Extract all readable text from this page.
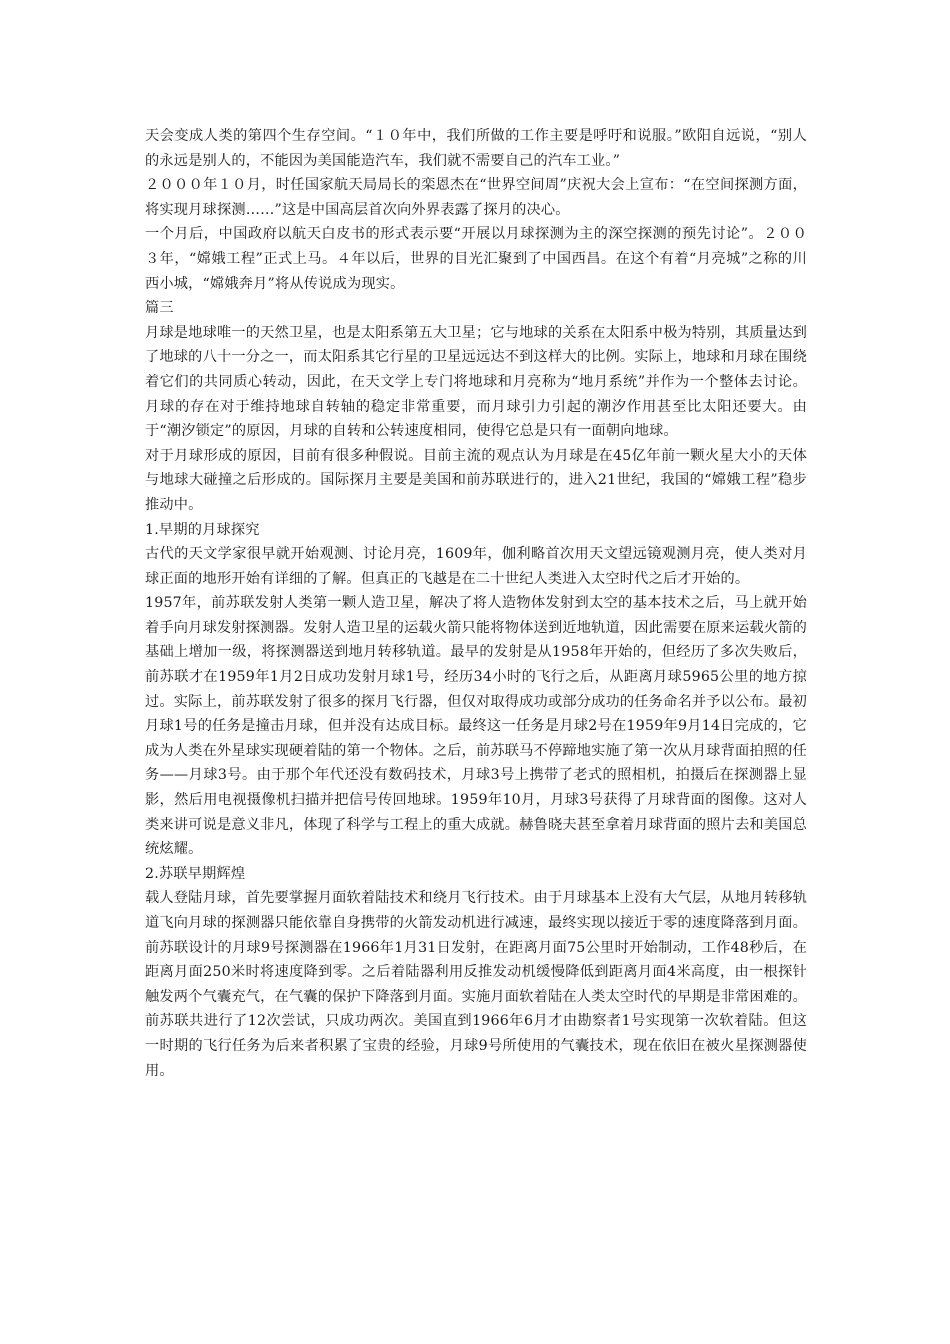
天会变成人类的第四个生存空间。“１０年中，我们所做的工作主要是呼吁和说服。”欧阳自远说，“别人的永远是别人的，不能因为美国能造汽车，我们就不需要自己的汽车工业。”

２０００年１０月，时任国家航天局局长的栾恩杰在“世界空间周”庆祝大会上宣布：“在空间探测方面，将实现月球探测……”这是中国高层首次向外界表露了探月的决心。

一个月后，中国政府以航天白皮书的形式表示要“开展以月球探测为主的深空探测的预先讨论”。２００３年，“嫦娥工程”正式上马。４年以后，世界的目光汇聚到了中国西昌。在这个有着“月亮城”之称的川西小城，“嫦娥奔月”将从传说成为现实。

篇三

月球是地球唯一的天然卫星，也是太阳系第五大卫星；它与地球的关系在太阳系中极为特别，其质量达到了地球的八十一分之一，而太阳系其它行星的卫星远远达不到这样大的比例。实际上，地球和月球在围绕着它们的共同质心转动，因此，在天文学上专门将地球和月亮称为“地月系统”并作为一个整体去讨论。月球的存在对于维持地球自转轴的稳定非常重要，而月球引力引起的潮汐作用甚至比太阳还要大。由于“潮汐锁定”的原因，月球的自转和公转速度相同，使得它总是只有一面朝向地球。

对于月球形成的原因，目前有很多种假说。目前主流的观点认为月球是在45亿年前一颗火星大小的天体与地球大碰撞之后形成的。国际探月主要是美国和前苏联进行的，进入21世纪，我国的“嫦娥工程”稳步推动中。

1.早期的月球探究

古代的天文学家很早就开始观测、讨论月亮，1609年，伽利略首次用天文望远镜观测月亮，使人类对月球正面的地形开始有详细的了解。但真正的飞越是在二十世纪人类进入太空时代之后才开始的。

1957年，前苏联发射人类第一颗人造卫星，解决了将人造物体发射到太空的基本技术之后，马上就开始着手向月球发射探测器。发射人造卫星的运载火箭只能将物体送到近地轨道，因此需要在原来运载火箭的基础上增加一级，将探测器送到地月转移轨道。最早的发射是从1958年开始的，但经历了多次失败后，前苏联才在1959年1月2日成功发射月球1号，经历34小时的飞行之后，从距离月球5965公里的地方掠过。实际上，前苏联发射了很多的探月飞行器，但仅对取得成功或部分成功的任务命名并予以公布。最初月球1号的任务是撞击月球，但并没有达成目标。最终这一任务是月球2号在1959年9月14日完成的，它成为人类在外星球实现硬着陆的第一个物体。之后，前苏联马不停蹄地实施了第一次从月球背面拍照的任务——月球3号。由于那个年代还没有数码技术，月球3号上携带了老式的照相机，拍摄后在探测器上显影，然后用电视摄像机扫描并把信号传回地球。1959年10月，月球3号获得了月球背面的图像。这对人类来讲可说是意义非凡，体现了科学与工程上的重大成就。赫鲁晓夫甚至拿着月球背面的照片去和美国总统炫耀。

2.苏联早期辉煌

载人登陆月球，首先要掌握月面软着陆技术和绕月飞行技术。由于月球基本上没有大气层，从地月转移轨道飞向月球的探测器只能依靠自身携带的火箭发动机进行减速，最终实现以接近于零的速度降落到月面。前苏联设计的月球9号探测器在1966年1月31日发射，在距离月面75公里时开始制动，工作48秒后，在距离月面250米时将速度降到零。之后着陆器利用反推发动机缓慢降低到距离月面4米高度，由一根探针触发两个气囊充气，在气囊的保护下降落到月面。实施月面软着陆在人类太空时代的早期是非常困难的。前苏联共进行了12次尝试，只成功两次。美国直到1966年6月才由勘察者1号实现第一次软着陆。但这一时期的飞行任务为后来者积累了宝贵的经验，月球9号所使用的气囊技术，现在依旧在被火星探测器使用。
